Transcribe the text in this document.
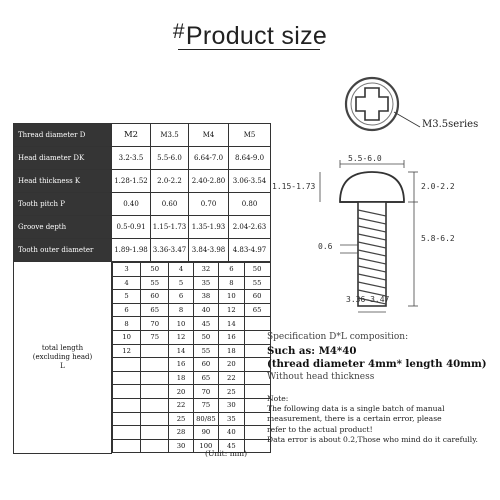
#Product size
Thread diameter D	M2	M3.5	M4	M5
Head diameter DK	3.2-3.5	5.5-6.0	6.64-7.0	8.64-9.0
Head thickness K	1.28-1.52	2.0-2.2	2.40-2.80	3.06-3.54
Tooth pitch P	0.40	0.60	0.70	0.80
Groove depth	0.5-0.91	1.15-1.73	1.35-1.93	2.04-2.63
Tooth outer diameter	1.89-1.98	3.36-3.47	3.84-3.98	4.83-4.97
total length
(excluding head)
L	
3	50	4	32	6	50
4	55	5	35	8	55
5	60	6	38	10	60
6	65	8	40	12	65
8	70	10	45	14	
10	75	12	50	16	
12		14	55	18	
		16	60	20	
		18	65	22	
		20	70	25	
		22	75	30	
		25	80/85	35	
		28	90	40	
		30	100	45	
(Unit: mm)
M3.5series
5.5-6.0
1.15-1.73	2.0-2.2
0.6
5.8-6.2
3.36-3.47
Specification D*L composition:
Such as: M4*40
(thread diameter 4mm* length 40mm)
Without head thickness
Note:
The following data is a single batch of manual
measurement, there is a certain error, please
refer to the actual product!
Data error is about 0.2,Those who mind do it carefully.
